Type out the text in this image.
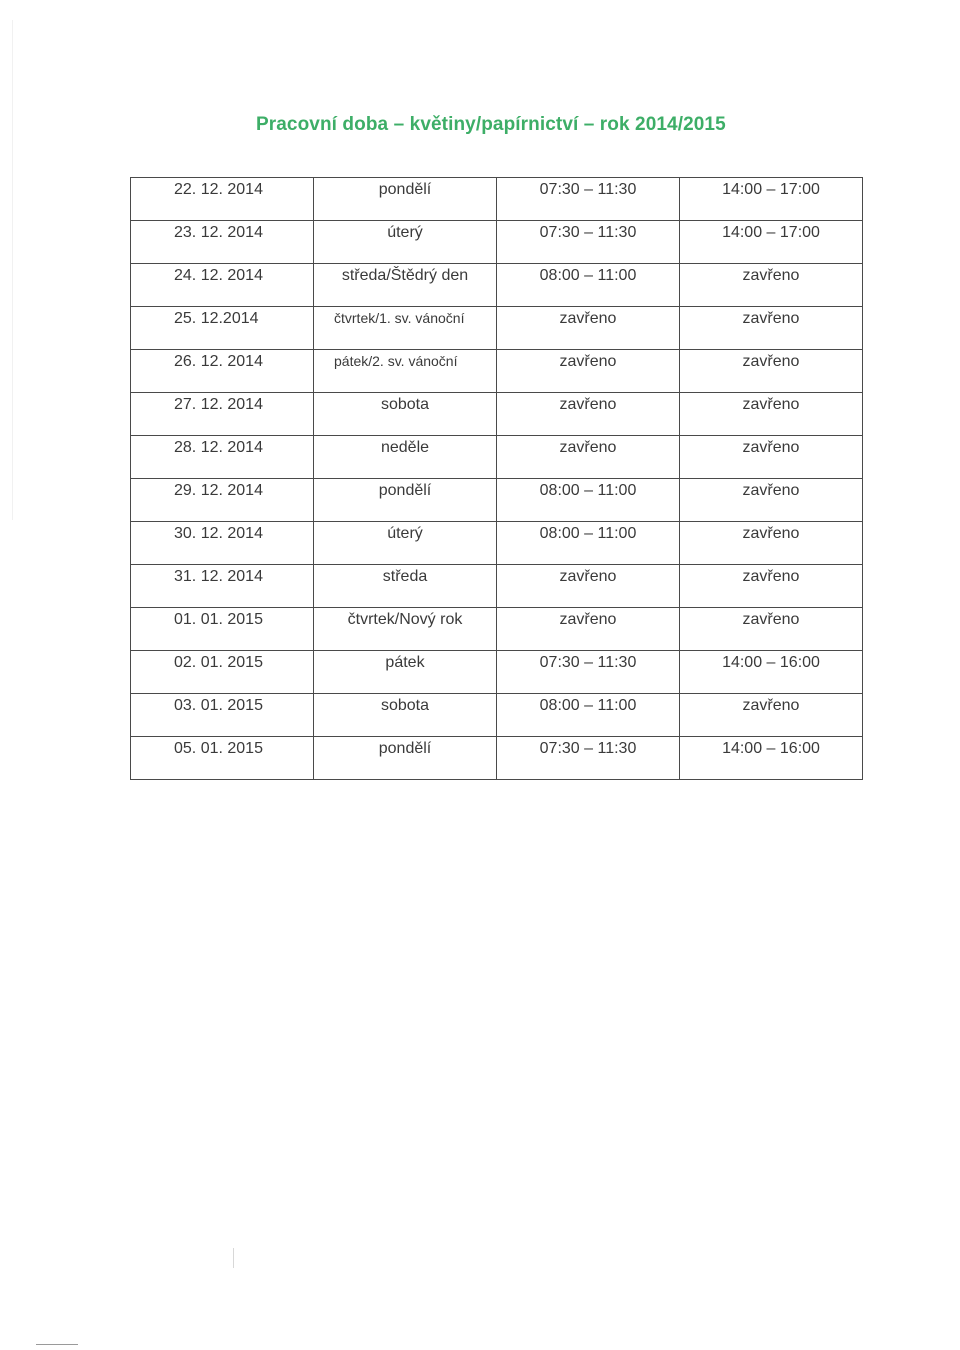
Pracovní doba – květiny/papírnictví – rok 2014/2015
22. 12. 2014	pondělí	07:30 – 11:30	14:00 – 17:00

23. 12. 2014	úterý	07:30 – 11:30	14:00 – 17:00

24. 12. 2014	středa/Štědrý den	08:00 – 11:00	zavřeno

25. 12.2014	čtvrtek/1. sv. vánoční	zavřeno	zavřeno

26. 12. 2014	pátek/2. sv. vánoční	zavřeno	zavřeno

27. 12. 2014	sobota	zavřeno	zavřeno

28. 12. 2014	neděle	zavřeno	zavřeno

29. 12. 2014	pondělí	08:00 – 11:00	zavřeno

30. 12. 2014	úterý	08:00 – 11:00	zavřeno

31. 12. 2014	středa	zavřeno	zavřeno

01. 01. 2015	čtvrtek/Nový rok	zavřeno	zavřeno

02. 01. 2015	pátek	07:30 – 11:30	14:00 – 16:00

03. 01. 2015	sobota	08:00 – 11:00	zavřeno

05. 01. 2015	pondělí	07:30 – 11:30	14:00 – 16:00
